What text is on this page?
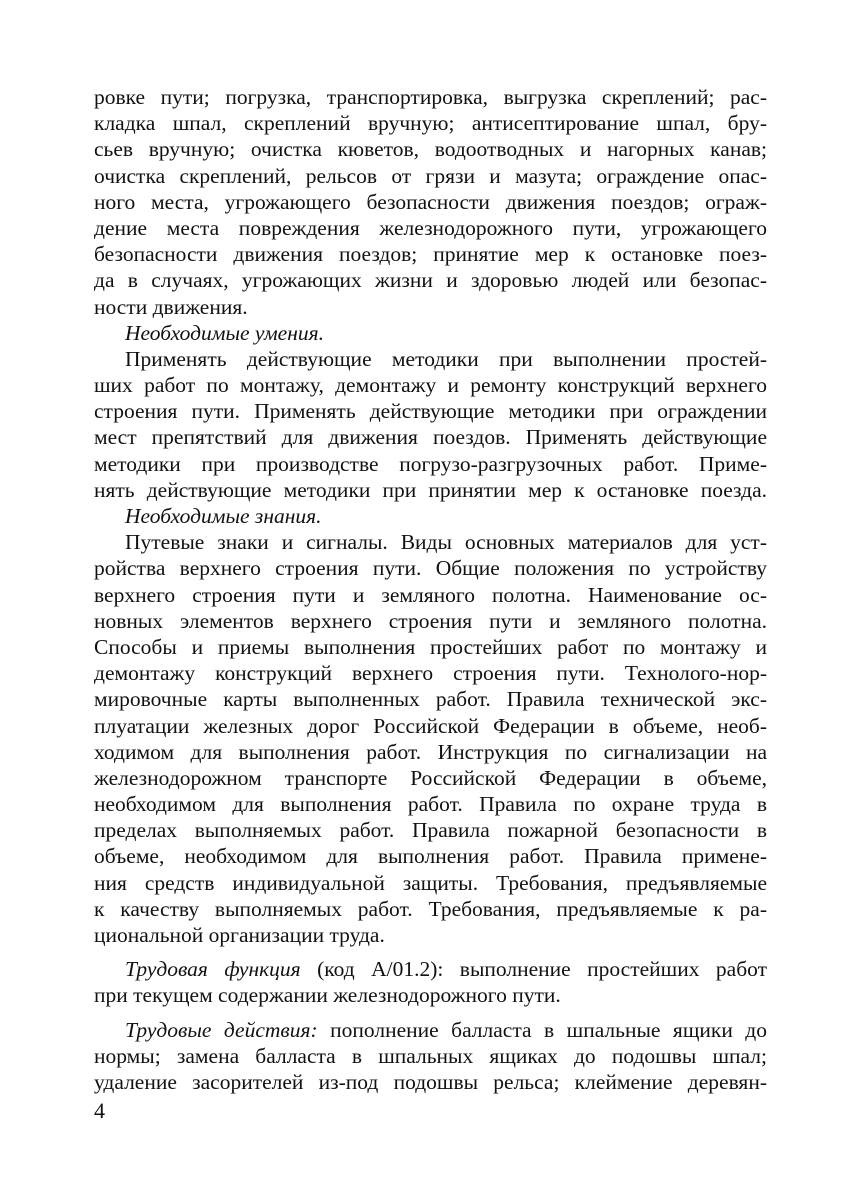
ровке пути; погрузка, транспортировка, выгрузка скреплений; рас-
кладка шпал, скреплений вручную; антисептирование шпал, бру-
сьев вручную; очистка кюветов, водоотводных и нагорных канав;
очистка скреплений, рельсов от грязи и мазута; ограждение опас-
ного места, угрожающего безопасности движения поездов; ограж-
дение места повреждения железнодорожного пути, угрожающего
безопасности движения поездов; принятие мер к остановке поез-
да в случаях, угрожающих жизни и здоровью людей или безопас-
ности движения.
Необходимые умения.
Применять действующие методики при выполнении простей-
ших работ по монтажу, демонтажу и ремонту конструкций верхнего
строения пути. Применять действующие методики при ограждении
мест препятствий для движения поездов. Применять действующие
методики при производстве погрузо-разгрузочных работ. Приме-
нять действующие методики при принятии мер к остановке поезда.
Необходимые знания.
Путевые знаки и сигналы. Виды основных материалов для уст-
ройства верхнего строения пути. Общие положения по устройству
верхнего строения пути и земляного полотна. Наименование ос-
новных элементов верхнего строения пути и земляного полотна.
Способы и приемы выполнения простейших работ по монтажу и
демонтажу конструкций верхнего строения пути. Технолого-нор-
мировочные карты выполненных работ. Правила технической экс-
плуатации железных дорог Российской Федерации в объеме, необ-
ходимом для выполнения работ. Инструкция по сигнализации на
железнодорожном транспорте Российской Федерации в объеме,
необходимом для выполнения работ. Правила по охране труда в
пределах выполняемых работ. Правила пожарной безопасности в
объеме, необходимом для выполнения работ. Правила примене-
ния средств индивидуальной защиты. Требования, предъявляемые
к качеству выполняемых работ. Требования, предъявляемые к ра-
циональной организации труда.
Трудовая функция (код A/01.2): выполнение простейших работ
при текущем содержании железнодорожного пути.
Трудовые действия: пополнение балласта в шпальные ящики до
нормы; замена балласта в шпальных ящиках до подошвы шпал;
удаление засорителей из-под подошвы рельса; клеймение деревян-
4
